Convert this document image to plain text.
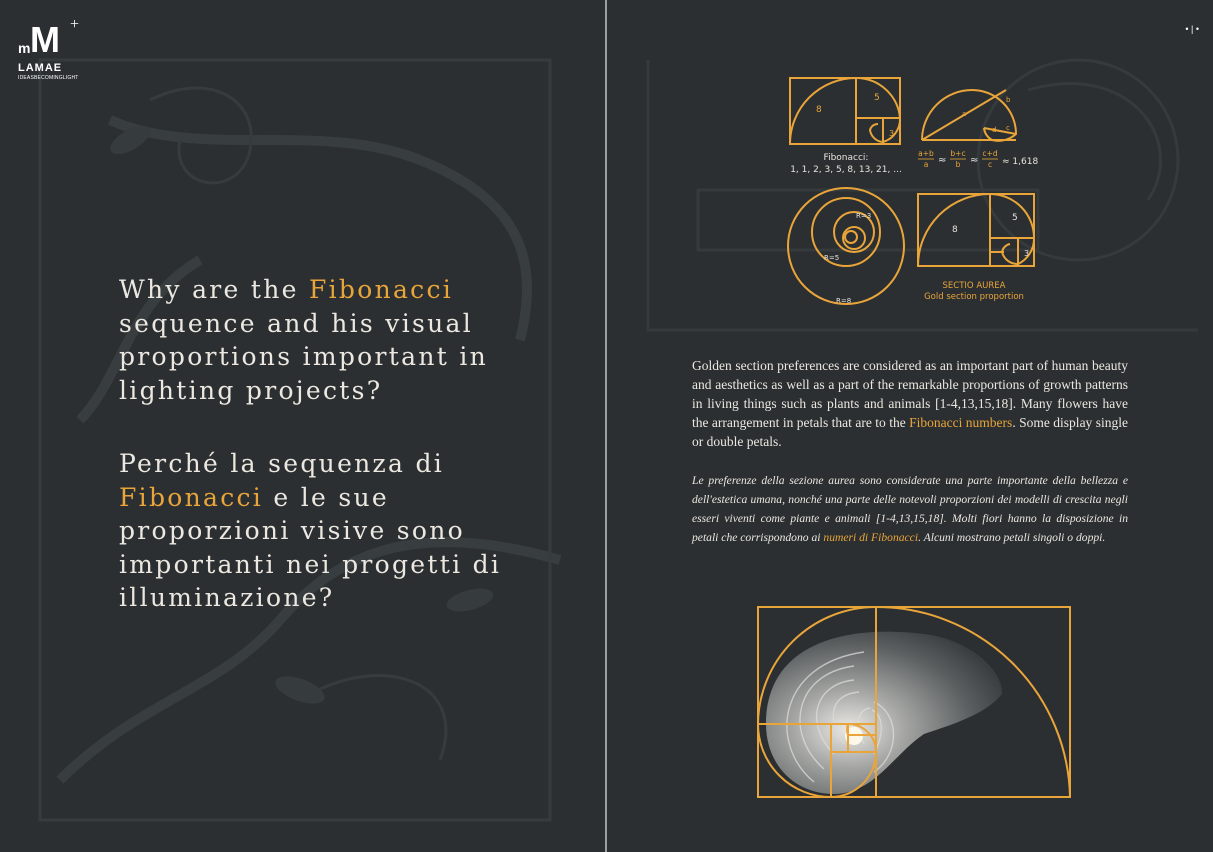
m M +
LAMAE
IDEASBECOMINGLIGHT
Why are the Fibonacci sequence and his visual proportions important in lighting projects?
Perché la sequenza di Fibonacci e le sue proporzioni visive sono importanti nei progetti di illuminazione?
• | •
8
5
3
Fibonacci:
1, 1, 2, 3, 5, 8, 13, 21, ...
a
b
c
d
a+b
a ≈
b+c
b ≈
c+d
c ≈ 1,618
R=3
R=5
R=8
8
5
3
SECTIO AUREA
Gold section proportion

Golden section preferences are considered as an important part of human beauty and aesthetics as well as a part of the remarkable proportions of growth patterns in living things such as plants and animals [1-4,13,15,18]. Many flowers have the arrangement in petals that are to the Fibonacci numbers. Some display single or double petals.

Le preferenze della sezione aurea sono considerate una parte importante della bellezza e dell'estetica umana, nonché una parte delle notevoli proporzioni dei modelli di crescita negli esseri viventi come piante e animali [1-4,13,15,18]. Molti fiori hanno la disposizione in petali che corrispondono ai numeri di Fibonacci. Alcuni mostrano petali singoli o doppi.
